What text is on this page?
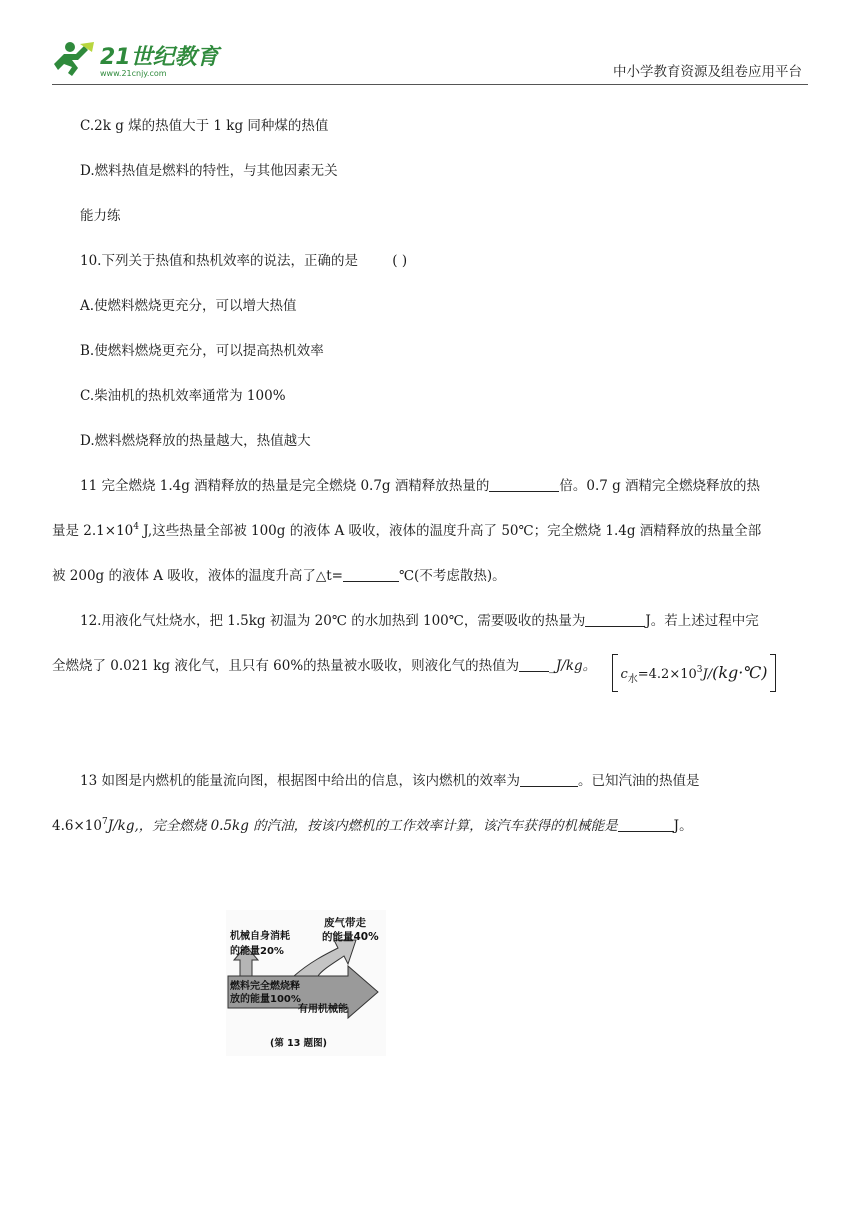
21世纪教育
www.21cnjy.com	中小学教育资源及组卷应用平台
C.2k g 煤的热值大于 1 kg 同种煤的热值
D.燃料热值是燃料的特性，与其他因素无关
能力练
10.下列关于热值和热机效率的说法，正确的是	( )
A.使燃料燃烧更充分，可以增大热值
B.使燃料燃烧更充分，可以提高热机效率
C.柴油机的热机效率通常为 100%
D.燃料燃烧释放的热量越大，热值越大
11 完全燃烧 1.4g 酒精释放的热量是完全燃烧 0.7g 酒精释放热量的	倍。0.7 g 酒精完全燃烧释放的热
量是 $2.1\times 10^4$ J,这些热量全部被 100g 的液体 A 吸收，液体的温度升高了 50℃；完全燃烧 1.4g 酒精释放的热量全部
被 200g 的液体 A 吸收，液体的温度升高了△t=	℃(不考虑散热)。
12.用液化气灶烧水，把 1.5kg 初温为 20℃ 的水加热到 100℃，需要吸收的热量为	J。若上述过程中完
全燃烧了 0.021 kg 液化气，且只有 60%的热量被水吸收，则液化气的热值为 _J/kg。 $c_水=4.2\times 10^3J/(kg\cdot℃)$
13 如图是内燃机的能量流向图，根据图中给出的信息，该内燃机的效率为	。已知汽油的热值是
$4.6\times 10^7J/kg$,，完全燃烧 0.5kg 的汽油，按该内燃机的工作效率计算，该汽车获得的机械能是	J。
废气带走
的能量40%
机械自身消耗
的能量20%
燃料完全燃烧释
放的能量100%
有用机械能
(第 13 题图)
